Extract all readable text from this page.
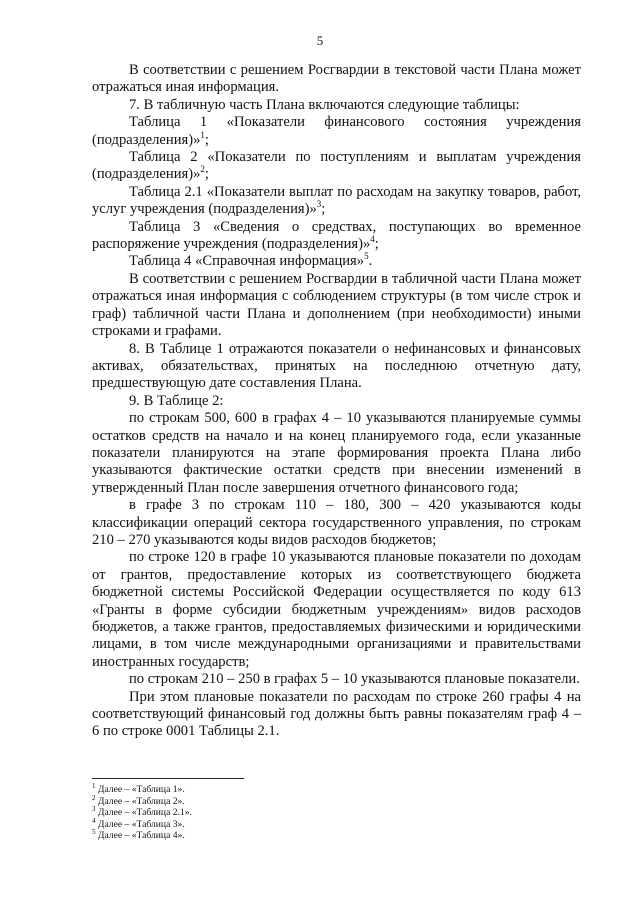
5

В соответствии с решением Росгвардии в текстовой части Плана может отражаться иная информация.

7. В табличную часть Плана включаются следующие таблицы:

Таблица 1 «Показатели финансового состояния учреждения (подразделения)»$^1$;

Таблица 2 «Показатели по поступлениям и выплатам учреждения (подразделения)»$^2$;

Таблица 2.1 «Показатели выплат по расходам на закупку товаров, работ, услуг учреждения (подразделения)»$^3$;

Таблица 3 «Сведения о средствах, поступающих во временное распоряжение учреждения (подразделения)»$^4$;

Таблица 4 «Справочная информация»$^5$.

В соответствии с решением Росгвардии в табличной части Плана может отражаться иная информация с соблюдением структуры (в том числе строк и граф) табличной части Плана и дополнением (при необходимости) иными строками и графами.

8. В Таблице 1 отражаются показатели о нефинансовых и финансовых активах, обязательствах, принятых на последнюю отчетную дату, предшествующую дате составления Плана.

9. В Таблице 2:

по строкам 500, 600 в графах 4 – 10 указываются планируемые суммы остатков средств на начало и на конец планируемого года, если указанные показатели планируются на этапе формирования проекта Плана либо указываются фактические остатки средств при внесении изменений в утвержденный План после завершения отчетного финансового года;

в графе 3 по строкам 110 – 180, 300 – 420 указываются коды классификации операций сектора государственного управления, по строкам 210 – 270 указываются коды видов расходов бюджетов;

по строке 120 в графе 10 указываются плановые показатели по доходам от грантов, предоставление которых из соответствующего бюджета бюджетной системы Российской Федерации осуществляется по коду 613 «Гранты в форме субсидии бюджетным учреждениям» видов расходов бюджетов, а также грантов, предоставляемых физическими и юридическими лицами, в том числе международными организациями и правительствами иностранных государств;

по строкам 210 – 250 в графах 5 – 10 указываются плановые показатели.

При этом плановые показатели по расходам по строке 260 графы 4 на соответствующий финансовый год должны быть равны показателям граф 4 – 6 по строке 0001 Таблицы 2.1.

$^1$ Далее – «Таблица 1».

$^2$ Далее – «Таблица 2».

$^3$ Далее – «Таблица 2.1».

$^4$ Далее – «Таблица 3».

$^5$ Далее – «Таблица 4».
